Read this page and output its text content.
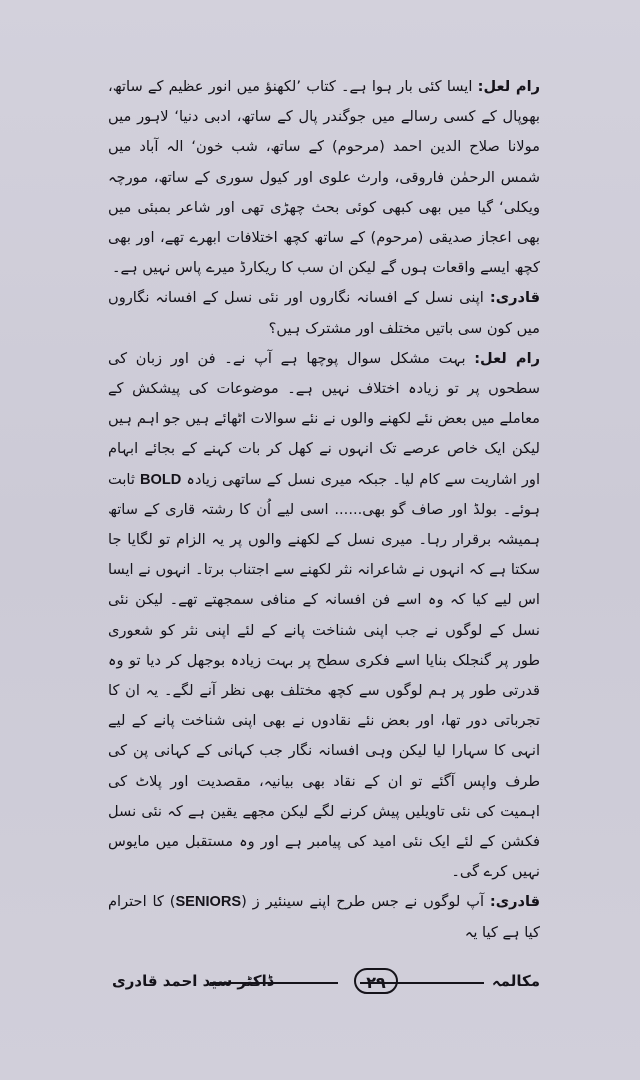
رام لعل: ایسا کئی بار ہوا ہے۔ کتاب ’لکھنؤ میں انور عظیم کے ساتھ، بھوپال کے کسی رسالے میں جوگندر پال کے ساتھ، ادبی دنیا‘ لاہور میں مولانا صلاح الدین احمد (مرحوم) کے ساتھ، شب خون‘ الہ آباد میں شمس الرحمٰن فاروقی، وارث علوی اور کیول سوری کے ساتھ، مورچہ ویکلی‘ گیا میں بھی کبھی کوئی بحث چھڑی تھی اور شاعر بمبئی میں بھی اعجاز صدیقی (مرحوم) کے ساتھ کچھ اختلافات ابھرے تھے، اور بھی کچھ ایسے واقعات ہوں گے لیکن ان سب کا ریکارڈ میرے پاس نہیں ہے۔

قادری: اپنی نسل کے افسانہ نگاروں اور نئی نسل کے افسانہ نگاروں میں کون سی باتیں مختلف اور مشترک ہیں؟

رام لعل: بہت مشکل سوال پوچھا ہے آپ نے۔ فن اور زبان کی سطحوں پر تو زیادہ اختلاف نہیں ہے۔ موضوعات کی پیشکش کے معاملے میں بعض نئے لکھنے والوں نے نئے سوالات اٹھائے ہیں جو اہم ہیں لیکن ایک خاص عرصے تک انہوں نے کھل کر بات کہنے کے بجائے ابہام اور اشاریت سے کام لیا۔ جبکہ میری نسل کے ساتھی زیادہ BOLD ثابت ہوئے۔ بولڈ اور صاف گو بھی...... اسی لیے اُن کا رشتہ قاری کے ساتھ ہمیشہ برقرار رہا۔ میری نسل کے لکھنے والوں پر یہ الزام تو لگایا جا سکتا ہے کہ انہوں نے شاعرانہ نثر لکھنے سے اجتناب برتا۔ انہوں نے ایسا اس لیے کیا کہ وہ اسے فن افسانہ کے منافی سمجھتے تھے۔ لیکن نئی نسل کے لوگوں نے جب اپنی شناخت پانے کے لئے اپنی نثر کو شعوری طور پر گنجلک بنایا اسے فکری سطح پر بہت زیادہ بوجھل کر دیا تو وہ قدرتی طور پر ہم لوگوں سے کچھ مختلف بھی نظر آنے لگے۔ یہ ان کا تجرباتی دور تھا، اور بعض نئے نقادوں نے بھی اپنی شناخت پانے کے لیے انہی کا سہارا لیا لیکن وہی افسانہ نگار جب کہانی کے کہانی پن کی طرف واپس آگئے تو ان کے نقاد بھی بیانیہ، مقصدیت اور پلاٹ کی اہمیت کی نئی تاویلیں پیش کرنے لگے لیکن مجھے یقین ہے کہ نئی نسل فکشن کے لئے ایک نئی امید کی پیامبر ہے اور وہ مستقبل میں مایوس نہیں کرے گی۔

قادری: آپ لوگوں نے جس طرح اپنے سینئیر ز (SENIORS) کا احترام کیا ہے کیا یہ

مکالمہ
۲۹
ڈاکٹر سید احمد قادری
